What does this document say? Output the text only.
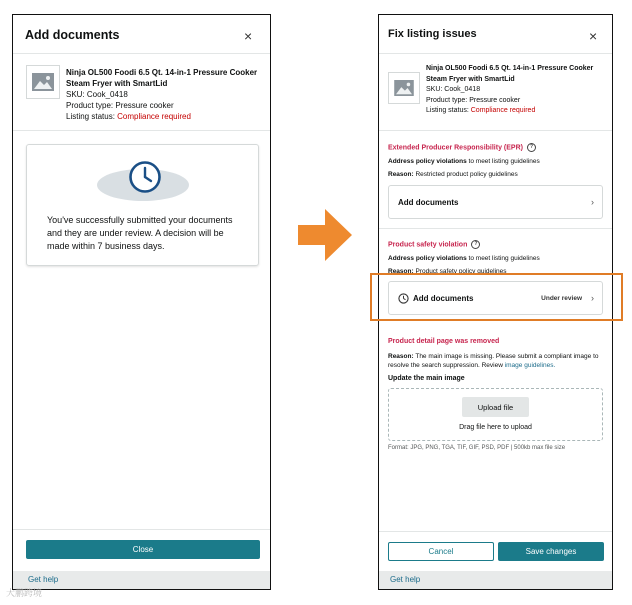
Add documents	×
Ninja OL500 Foodi 6.5 Qt. 14-in-1 Pressure Cooker Steam Fryer with SmartLid
SKU: Cook_0418
Product type: Pressure cooker
Listing status: Compliance required
You've successfully submitted your documents and they are under review. A decision will be made within 7 business days.
Close
Get help
Fix listing issues	×
Ninja OL500 Foodi 6.5 Qt. 14-in-1 Pressure Cooker Steam Fryer with SmartLid
SKU: Cook_0418
Product type: Pressure cooker
Listing status: Compliance required
Extended Producer Responsibility (EPR) ?
Address policy violations to meet listing guidelines
Reason: Restricted product policy guidelines
Add documents	›
Product safety violation ?
Address policy violations to meet listing guidelines
Reason: Product safety policy guidelines
Add documents	Under review ›
Product detail page was removed
Reason: The main image is missing. Please submit a compliant image to resolve the search suppression. Review image guidelines.
Update the main image
Upload file
Drag file here to upload
Format: JPG, PNG, TGA, TIF, GIF, PSD, PDF | 500kb max file size
Cancel	Save changes
Get help
大鹏跨境
